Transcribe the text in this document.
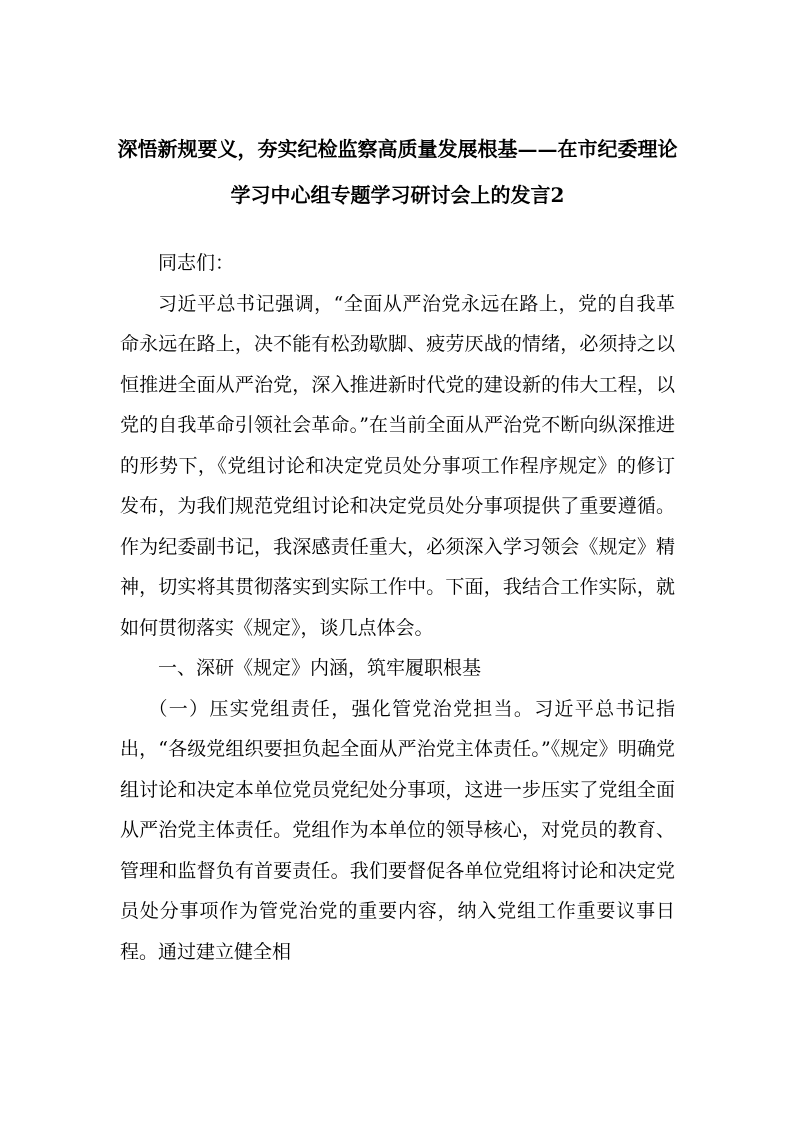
深悟新规要义，夯实纪检监察高质量发展根基——在市纪委理论学习中心组专题学习研讨会上的发言2

同志们：

习近平总书记强调，“全面从严治党永远在路上，党的自我革命永远在路上，决不能有松劲歇脚、疲劳厌战的情绪，必须持之以恒推进全面从严治党，深入推进新时代党的建设新的伟大工程，以党的自我革命引领社会革命。”在当前全面从严治党不断向纵深推进的形势下，《党组讨论和决定党员处分事项工作程序规定》的修订发布，为我们规范党组讨论和决定党员处分事项提供了重要遵循。作为纪委副书记，我深感责任重大，必须深入学习领会《规定》精神，切实将其贯彻落实到实际工作中。下面，我结合工作实际，就如何贯彻落实《规定》，谈几点体会。

一、深研《规定》内涵，筑牢履职根基

（一）压实党组责任，强化管党治党担当。习近平总书记指出，“各级党组织要担负起全面从严治党主体责任。”《规定》明确党组讨论和决定本单位党员党纪处分事项，这进一步压实了党组全面从严治党主体责任。党组作为本单位的领导核心，对党员的教育、管理和监督负有首要责任。我们要督促各单位党组将讨论和决定党员处分事项作为管党治党的重要内容，纳入党组工作重要议事日程。通过建立健全相
